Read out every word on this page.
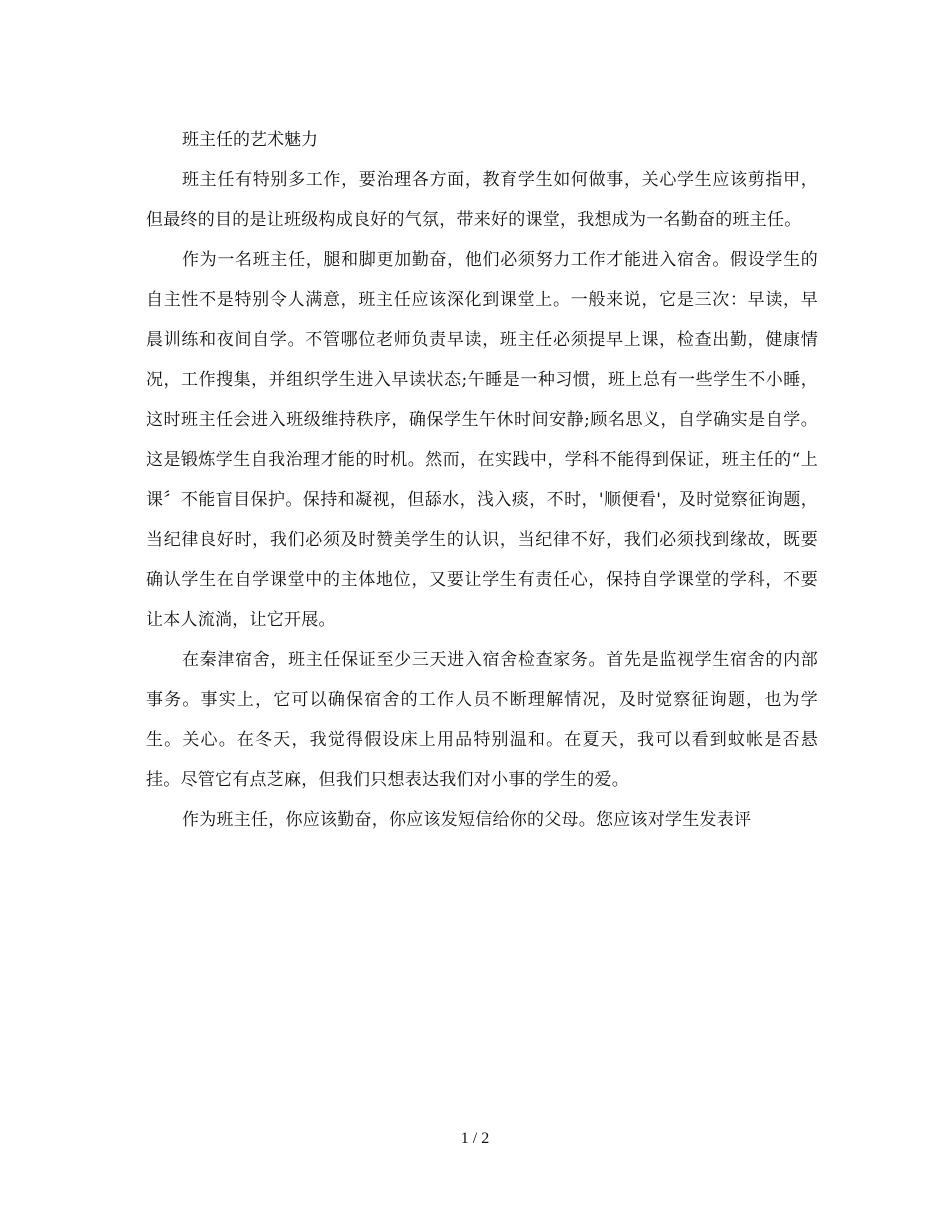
班主任的艺术魅力

班主任有特别多工作，要治理各方面，教育学生如何做事，关心学生应该剪指甲，但最终的目的是让班级构成良好的气氛，带来好的课堂，我想成为一名勤奋的班主任。

作为一名班主任，腿和脚更加勤奋，他们必须努力工作才能进入宿舍。假设学生的自主性不是特别令人满意，班主任应该深化到课堂上。一般来说，它是三次：早读，早晨训练和夜间自学。不管哪位老师负责早读，班主任必须提早上课，检查出勤，健康情况，工作搜集，并组织学生进入早读状态;午睡是一种习惯，班上总有一些学生不小睡，这时班主任会进入班级维持秩序，确保学生午休时间安静;顾名思义，自学确实是自学。这是锻炼学生自我治理才能的时机。然而，在实践中，学科不能得到保证，班主任的“上课〞不能盲目保护。保持和凝视，但舔水，浅入痰，不时，'顺便看'，及时觉察征询题，当纪律良好时，我们必须及时赞美学生的认识，当纪律不好，我们必须找到缘故，既要确认学生在自学课堂中的主体地位，又要让学生有责任心，保持自学课堂的学科，不要让本人流淌，让它开展。

在秦津宿舍，班主任保证至少三天进入宿舍检查家务。首先是监视学生宿舍的内部事务。事实上，它可以确保宿舍的工作人员不断理解情况，及时觉察征询题，也为学生。关心。在冬天，我觉得假设床上用品特别温和。在夏天，我可以看到蚊帐是否悬挂。尽管它有点芝麻，但我们只想表达我们对小事的学生的爱。

作为班主任，你应该勤奋，你应该发短信给你的父母。您应该对学生发表评

1 / 2
